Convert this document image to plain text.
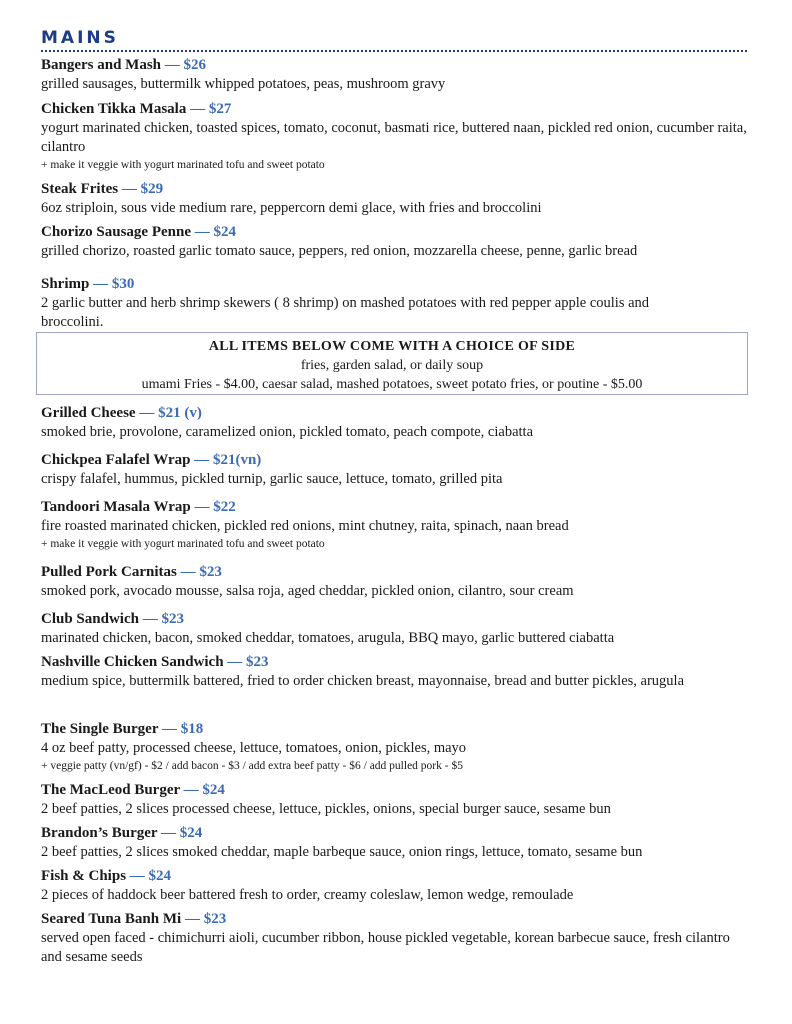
MAINS
Bangers and Mash — $26
grilled sausages, buttermilk whipped potatoes, peas, mushroom gravy
Chicken Tikka Masala — $27
yogurt marinated chicken, toasted spices, tomato, coconut, basmati rice, buttered naan, pickled red onion, cucumber raita, cilantro
+ make it veggie with yogurt marinated tofu and sweet potato
Steak Frites — $29
6oz striploin, sous vide medium rare, peppercorn demi glace, with fries and broccolini
Chorizo Sausage Penne — $24
grilled chorizo, roasted garlic tomato sauce, peppers, red onion, mozzarella cheese, penne, garlic bread
Shrimp — $30
2 garlic butter and herb shrimp skewers ( 8 shrimp) on mashed potatoes with red pepper apple coulis and broccolini.
ALL ITEMS BELOW COME WITH A CHOICE OF SIDE
fries, garden salad, or daily soup
umami Fries - $4.00, caesar salad, mashed potatoes, sweet potato fries, or poutine - $5.00
Grilled Cheese — $21 (v)
smoked brie, provolone, caramelized onion, pickled tomato, peach compote, ciabatta
Chickpea Falafel Wrap — $21(vn)
crispy falafel, hummus, pickled turnip, garlic sauce, lettuce, tomato, grilled pita
Tandoori Masala Wrap — $22
fire roasted marinated chicken, pickled red onions, mint chutney, raita, spinach, naan bread
+ make it veggie with yogurt marinated tofu and sweet potato
Pulled Pork Carnitas — $23
smoked pork, avocado mousse, salsa roja, aged cheddar, pickled onion, cilantro, sour cream
Club Sandwich — $23
marinated chicken, bacon, smoked cheddar, tomatoes, arugula, BBQ mayo, garlic buttered ciabatta
Nashville Chicken Sandwich — $23
medium spice, buttermilk battered, fried to order chicken breast, mayonnaise, bread and butter pickles, arugula
The Single Burger — $18
4 oz beef patty, processed cheese, lettuce, tomatoes, onion, pickles, mayo
+ veggie patty (vn/gf) - $2 / add bacon - $3 / add extra beef patty - $6 / add pulled pork - $5
The MacLeod Burger — $24
2 beef patties, 2 slices processed cheese, lettuce, pickles, onions, special burger sauce, sesame bun
Brandon’s Burger — $24
2 beef patties, 2 slices smoked cheddar, maple barbeque sauce, onion rings, lettuce, tomato, sesame bun
Fish & Chips — $24
2 pieces of haddock beer battered fresh to order, creamy coleslaw, lemon wedge, remoulade
Seared Tuna Banh Mi — $23
served open faced - chimichurri aioli, cucumber ribbon, house pickled vegetable, korean barbecue sauce, fresh cilantro and sesame seeds
